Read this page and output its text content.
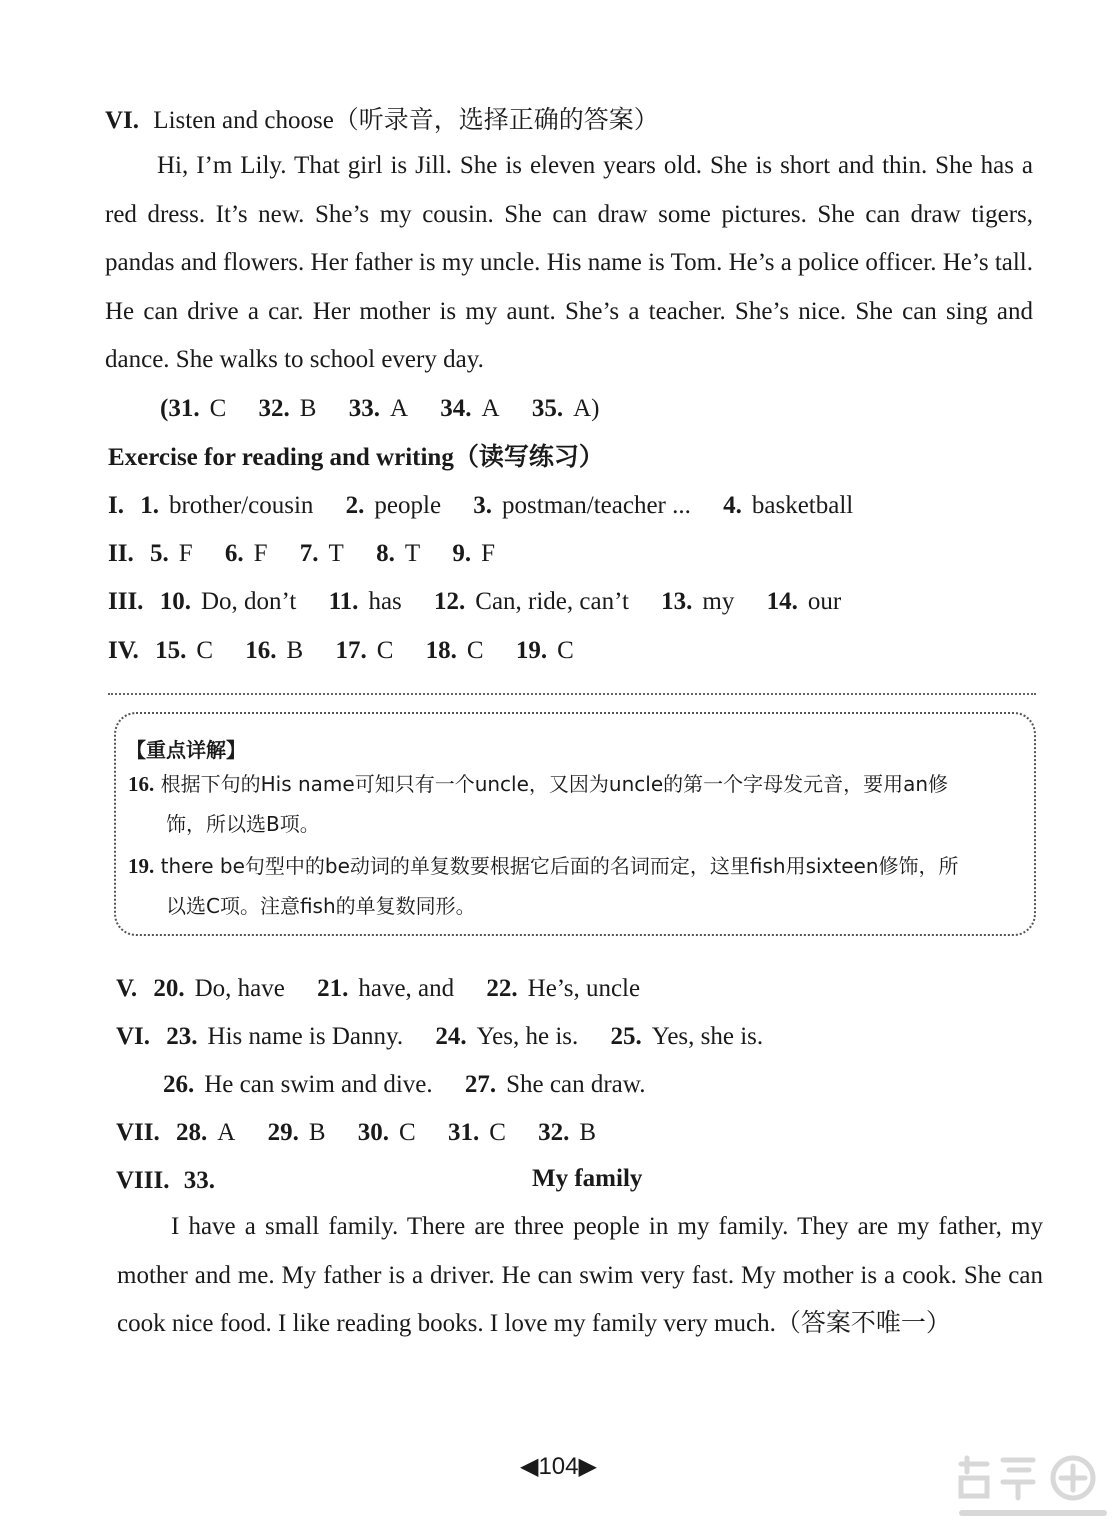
VI. Listen and choose（听录音，选择正确的答案）
Hi, I’m Lily. That girl is Jill. She is eleven years old. She is short and thin. She has a red dress. It’s new. She’s my cousin. She can draw some pictures. She can draw tigers, pandas and flowers. Her father is my uncle. His name is Tom. He’s a police officer. He’s tall. He can drive a car. Her mother is my aunt. She’s a teacher. She’s nice. She can sing and dance. She walks to school every day.
(31. C 32. B 33. A 34. A 35. A)
Exercise for reading and writing（读写练习）
I. 1. brother/cousin 2. people 3. postman/teacher ... 4. basketball
II. 5. F 6. F 7. T 8. T 9. F
III. 10. Do, don’t 11. has 12. Can, ride, can’t 13. my 14. our
IV. 15. C 16. B 17. C 18. C 19. C
【重点详解】
16. 根据下句的His name可知只有一个uncle，又因为uncle的第一个字母发元音，要用an修
饰，所以选B项。
19. there be句型中的be动词的单复数要根据它后面的名词而定，这里fish用sixteen修饰，所
以选C项。注意fish的单复数同形。
V. 20. Do, have 21. have, and 22. He’s, uncle
VI. 23. His name is Danny. 24. Yes, he is. 25. Yes, she is.
26. He can swim and dive. 27. She can draw.
VII. 28. A 29. B 30. C 31. C 32. B
VIII. 33.	My family
I have a small family. There are three people in my family. They are my father, my mother and me. My father is a driver. He can swim very fast. My mother is a cook. She can cook nice food. I like reading books. I love my family very much.（答案不唯一）
◀104▶
